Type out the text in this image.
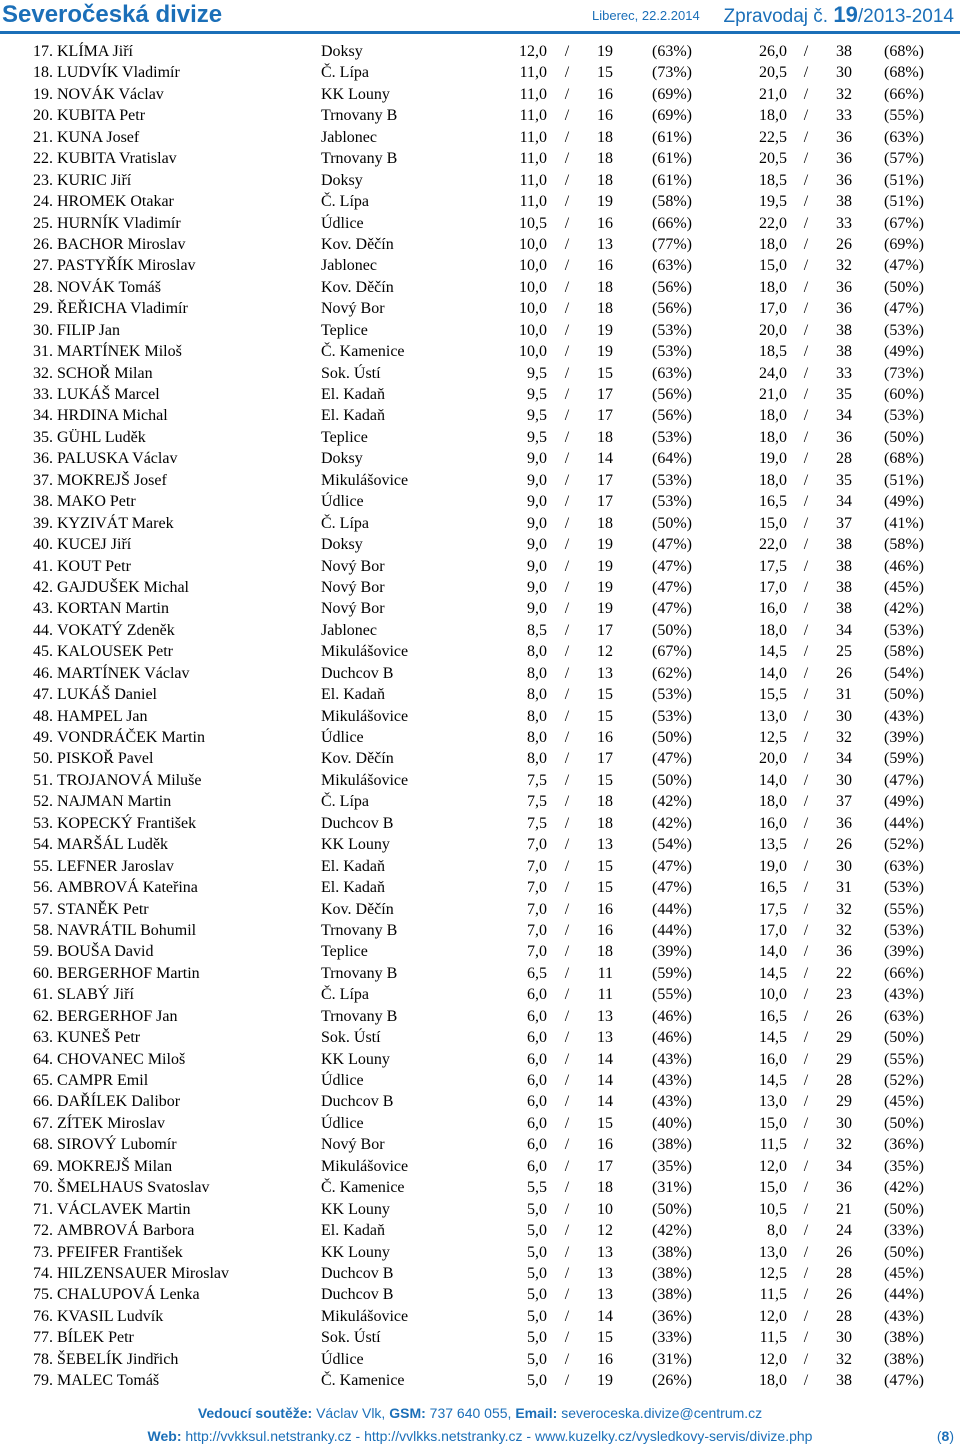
Severočeská divize	Liberec, 22.2.2014 Zpravodaj č. 19/2013-2014
17. KLÍMA Jiří	Doksy	12,0 /	19	(63%)	26,0 /	38	(68%)
18. LUDVÍK Vladimír	Č. Lípa	11,0 /	15	(73%)	20,5 /	30	(68%)
19. NOVÁK Václav	KK Louny	11,0 /	16	(69%)	21,0 /	32	(66%)
20. KUBITA Petr	Trnovany B	11,0 /	16	(69%)	18,0 /	33	(55%)
21. KUNA Josef	Jablonec	11,0 /	18	(61%)	22,5 /	36	(63%)
22. KUBITA Vratislav	Trnovany B	11,0 /	18	(61%)	20,5 /	36	(57%)
23. KURIC Jiří	Doksy	11,0 /	18	(61%)	18,5 /	36	(51%)
24. HROMEK Otakar	Č. Lípa	11,0 /	19	(58%)	19,5 /	38	(51%)
25. HURNÍK Vladimír	Údlice	10,5 /	16	(66%)	22,0 /	33	(67%)
26. BACHOR Miroslav	Kov. Děčín	10,0 /	13	(77%)	18,0 /	26	(69%)
27. PASTYŘÍK Miroslav	Jablonec	10,0 /	16	(63%)	15,0 /	32	(47%)
28. NOVÁK Tomáš	Kov. Děčín	10,0 /	18	(56%)	18,0 /	36	(50%)
29. ŘEŘICHA Vladimír	Nový Bor	10,0 /	18	(56%)	17,0 /	36	(47%)
30. FILIP Jan	Teplice	10,0 /	19	(53%)	20,0 /	38	(53%)
31. MARTÍNEK Miloš	Č. Kamenice	10,0 /	19	(53%)	18,5 /	38	(49%)
32. SCHOŘ Milan	Sok. Ústí	9,5 /	15	(63%)	24,0 /	33	(73%)
33. LUKÁŠ Marcel	El. Kadaň	9,5 /	17	(56%)	21,0 /	35	(60%)
34. HRDINA Michal	El. Kadaň	9,5 /	17	(56%)	18,0 /	34	(53%)
35. GÜHL Luděk	Teplice	9,5 /	18	(53%)	18,0 /	36	(50%)
36. PALUSKA Václav	Doksy	9,0 /	14	(64%)	19,0 /	28	(68%)
37. MOKREJŠ Josef	Mikulášovice	9,0 /	17	(53%)	18,0 /	35	(51%)
38. MAKO Petr	Údlice	9,0 /	17	(53%)	16,5 /	34	(49%)
39. KYZIVÁT Marek	Č. Lípa	9,0 /	18	(50%)	15,0 /	37	(41%)
40. KUCEJ Jiří	Doksy	9,0 /	19	(47%)	22,0 /	38	(58%)
41. KOUT Petr	Nový Bor	9,0 /	19	(47%)	17,5 /	38	(46%)
42. GAJDUŠEK Michal	Nový Bor	9,0 /	19	(47%)	17,0 /	38	(45%)
43. KORTAN Martin	Nový Bor	9,0 /	19	(47%)	16,0 /	38	(42%)
44. VOKATÝ Zdeněk	Jablonec	8,5 /	17	(50%)	18,0 /	34	(53%)
45. KALOUSEK Petr	Mikulášovice	8,0 /	12	(67%)	14,5 /	25	(58%)
46. MARTÍNEK Václav	Duchcov B	8,0 /	13	(62%)	14,0 /	26	(54%)
47. LUKÁŠ Daniel	El. Kadaň	8,0 /	15	(53%)	15,5 /	31	(50%)
48. HAMPEL Jan	Mikulášovice	8,0 /	15	(53%)	13,0 /	30	(43%)
49. VONDRÁČEK Martin	Údlice	8,0 /	16	(50%)	12,5 /	32	(39%)
50. PISKOŘ Pavel	Kov. Děčín	8,0 /	17	(47%)	20,0 /	34	(59%)
51. TROJANOVÁ Miluše	Mikulášovice	7,5 /	15	(50%)	14,0 /	30	(47%)
52. NAJMAN Martin	Č. Lípa	7,5 /	18	(42%)	18,0 /	37	(49%)
53. KOPECKÝ František	Duchcov B	7,5 /	18	(42%)	16,0 /	36	(44%)
54. MARŠÁL Luděk	KK Louny	7,0 /	13	(54%)	13,5 /	26	(52%)
55. LEFNER Jaroslav	El. Kadaň	7,0 /	15	(47%)	19,0 /	30	(63%)
56. AMBROVÁ Kateřina	El. Kadaň	7,0 /	15	(47%)	16,5 /	31	(53%)
57. STANĚK Petr	Kov. Děčín	7,0 /	16	(44%)	17,5 /	32	(55%)
58. NAVRÁTIL Bohumil	Trnovany B	7,0 /	16	(44%)	17,0 /	32	(53%)
59. BOUŠA David	Teplice	7,0 /	18	(39%)	14,0 /	36	(39%)
60. BERGERHOF Martin	Trnovany B	6,5 /	11	(59%)	14,5 /	22	(66%)
61. SLABÝ Jiří	Č. Lípa	6,0 /	11	(55%)	10,0 /	23	(43%)
62. BERGERHOF Jan	Trnovany B	6,0 /	13	(46%)	16,5 /	26	(63%)
63. KUNEŠ Petr	Sok. Ústí	6,0 /	13	(46%)	14,5 /	29	(50%)
64. CHOVANEC Miloš	KK Louny	6,0 /	14	(43%)	16,0 /	29	(55%)
65. CAMPR Emil	Údlice	6,0 /	14	(43%)	14,5 /	28	(52%)
66. DAŘÍLEK Dalibor	Duchcov B	6,0 /	14	(43%)	13,0 /	29	(45%)
67. ZÍTEK Miroslav	Údlice	6,0 /	15	(40%)	15,0 /	30	(50%)
68. SIROVÝ Lubomír	Nový Bor	6,0 /	16	(38%)	11,5 /	32	(36%)
69. MOKREJŠ Milan	Mikulášovice	6,0 /	17	(35%)	12,0 /	34	(35%)
70. ŠMELHAUS Svatoslav	Č. Kamenice	5,5 /	18	(31%)	15,0 /	36	(42%)
71. VÁCLAVEK Martin	KK Louny	5,0 /	10	(50%)	10,5 /	21	(50%)
72. AMBROVÁ Barbora	El. Kadaň	5,0 /	12	(42%)	8,0 /	24	(33%)
73. PFEIFER František	KK Louny	5,0 /	13	(38%)	13,0 /	26	(50%)
74. HILZENSAUER Miroslav	Duchcov B	5,0 /	13	(38%)	12,5 /	28	(45%)
75. CHALUPOVÁ Lenka	Duchcov B	5,0 /	13	(38%)	11,5 /	26	(44%)
76. KVASIL Ludvík	Mikulášovice	5,0 /	14	(36%)	12,0 /	28	(43%)
77. BÍLEK Petr	Sok. Ústí	5,0 /	15	(33%)	11,5 /	30	(38%)
78. ŠEBELÍK Jindřich	Údlice	5,0 /	16	(31%)	12,0 /	32	(38%)
79. MALEC Tomáš	Č. Kamenice	5,0 /	19	(26%)	18,0 /	38	(47%)
Vedoucí soutěže: Václav Vlk, GSM: 737 640 055, Email: severoceska.divize@centrum.cz
Web: http://vvkksul.netstranky.cz - http://vvlkks.netstranky.cz - www.kuzelky.cz/vysledkovy-servis/divize.php	(8)
